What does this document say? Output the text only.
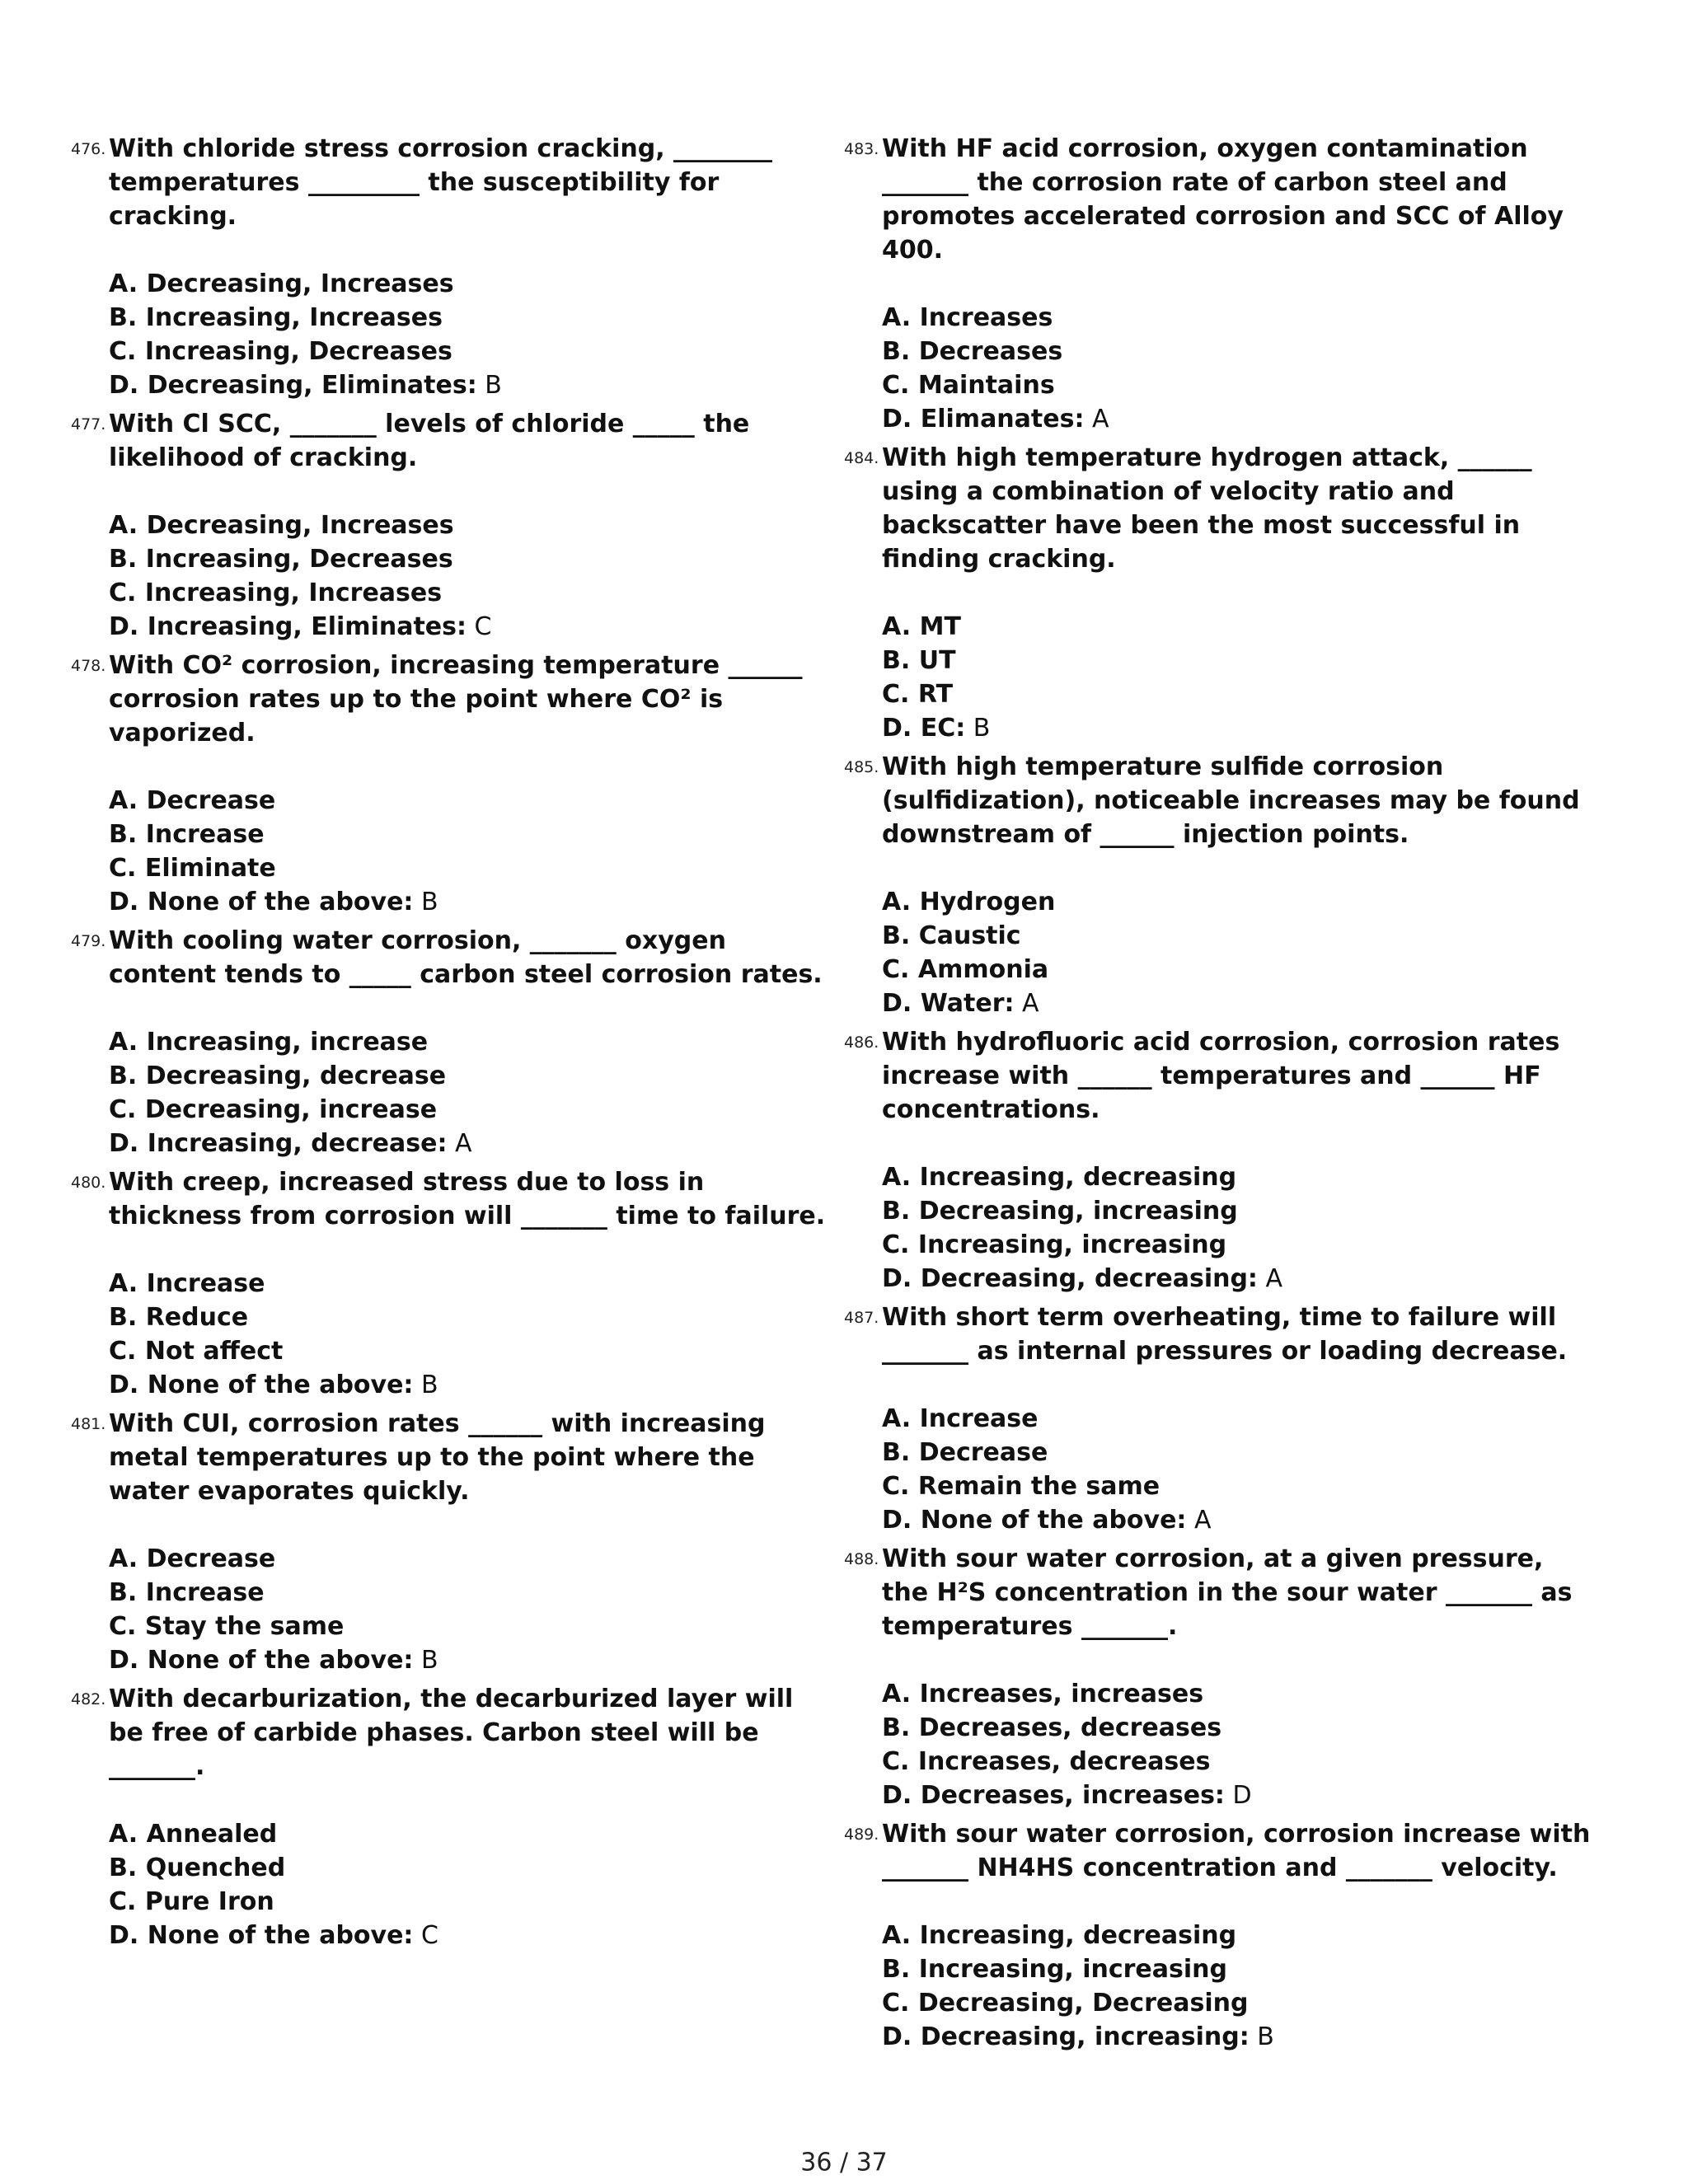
476. With chloride stress corrosion cracking, ________ temperatures _________ the susceptibility for cracking.

A. Decreasing, Increases
B. Increasing, Increases
C. Increasing, Decreases
D. Decreasing, Eliminates: B
477. With Cl SCC, _______ levels of chloride _____ the likelihood of cracking.

A. Decreasing, Increases
B. Increasing, Decreases
C. Increasing, Increases
D. Increasing, Eliminates: C
478. With CO² corrosion, increasing temperature ______ corrosion rates up to the point where CO² is vaporized.

A. Decrease
B. Increase
C. Eliminate
D. None of the above: B
479. With cooling water corrosion, _______ oxygen content tends to _____ carbon steel corrosion rates.

A. Increasing, increase
B. Decreasing, decrease
C. Decreasing, increase
D. Increasing, decrease: A
480. With creep, increased stress due to loss in thickness from corrosion will _______ time to failure.

A. Increase
B. Reduce
C. Not affect
D. None of the above: B
481. With CUI, corrosion rates ______ with increasing metal temperatures up to the point where the water evaporates quickly.

A. Decrease
B. Increase
C. Stay the same
D. None of the above: B
482. With decarburization, the decarburized layer will be free of carbide phases. Carbon steel will be _______.

A. Annealed
B. Quenched
C. Pure Iron
D. None of the above: C
483. With HF acid corrosion, oxygen contamination _______ the corrosion rate of carbon steel and promotes accelerated corrosion and SCC of Alloy 400.

A. Increases
B. Decreases
C. Maintains
D. Elimanates: A
484. With high temperature hydrogen attack, ______ using a combination of velocity ratio and backscatter have been the most successful in finding cracking.

A. MT
B. UT
C. RT
D. EC: B
485. With high temperature sulfide corrosion (sulfidization), noticeable increases may be found downstream of ______ injection points.

A. Hydrogen
B. Caustic
C. Ammonia
D. Water: A
486. With hydrofluoric acid corrosion, corrosion rates increase with ______ temperatures and ______ HF concentrations.

A. Increasing, decreasing
B. Decreasing, increasing
C. Increasing, increasing
D. Decreasing, decreasing: A
487. With short term overheating, time to failure will _______ as internal pressures or loading decrease.

A. Increase
B. Decrease
C. Remain the same
D. None of the above: A
488. With sour water corrosion, at a given pressure, the H²S concentration in the sour water _______ as temperatures _______.

A. Increases, increases
B. Decreases, decreases
C. Increases, decreases
D. Decreases, increases: D
489. With sour water corrosion, corrosion increase with _______ NH4HS concentration and _______ velocity.

A. Increasing, decreasing
B. Increasing, increasing
C. Decreasing, Decreasing
D. Decreasing, increasing: B
36 / 37
